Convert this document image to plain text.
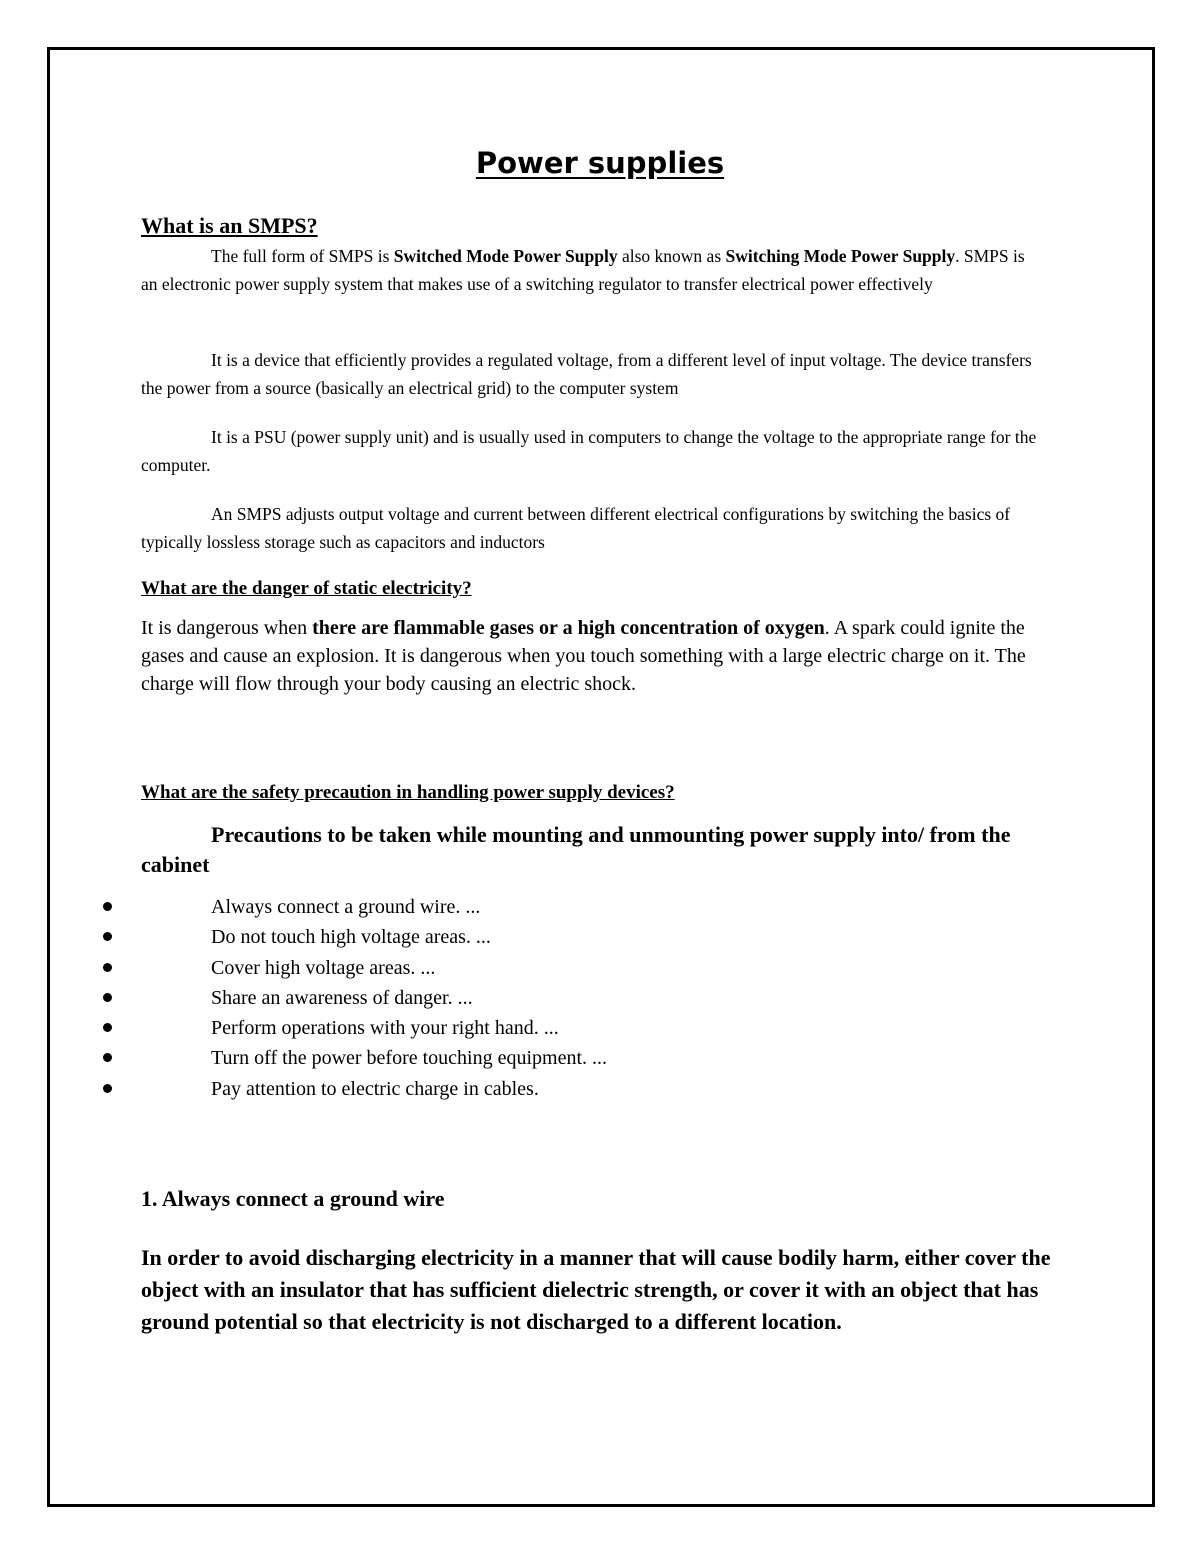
Power supplies
What is an SMPS?

The full form of SMPS is Switched Mode Power Supply also known as Switching Mode Power Supply. SMPS is an electronic power supply system that makes use of a switching regulator to transfer electrical power effectively

It is a device that efficiently provides a regulated voltage, from a different level of input voltage. The device transfers the power from a source (basically an electrical grid) to the computer system

It is a PSU (power supply unit) and is usually used in computers to change the voltage to the appropriate range for the computer.

An SMPS adjusts output voltage and current between different electrical configurations by switching the basics of typically lossless storage such as capacitors and inductors

What are the danger of static electricity?

It is dangerous when there are flammable gases or a high concentration of oxygen. A spark could ignite the gases and cause an explosion. It is dangerous when you touch something with a large electric charge on it. The charge will flow through your body causing an electric shock.

What are the safety precaution in handling power supply devices?

Precautions to be taken while mounting and unmounting power supply into/ from the cabinet

Always connect a ground wire. ...
Do not touch high voltage areas. ...
Cover high voltage areas. ...
Share an awareness of danger. ...
Perform operations with your right hand. ...
Turn off the power before touching equipment. ...
Pay attention to electric charge in cables.
1. Always connect a ground wire

In order to avoid discharging electricity in a manner that will cause bodily harm, either cover the object with an insulator that has sufficient dielectric strength, or cover it with an object that has ground potential so that electricity is not discharged to a different location.
